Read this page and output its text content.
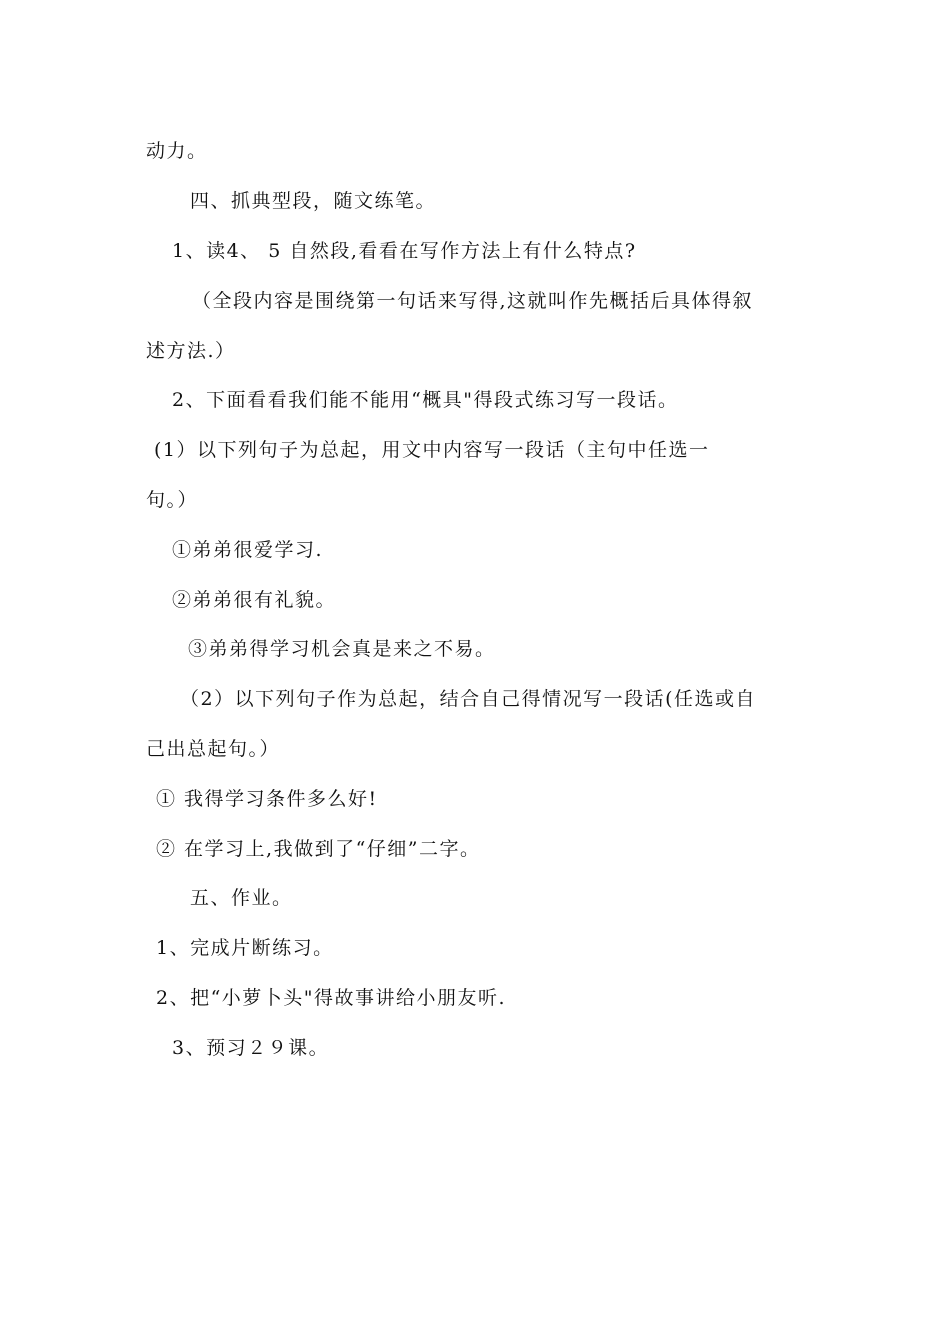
动力。
四、抓典型段，随文练笔。
1、读4、 5 自然段,看看在写作方法上有什么特点?
（全段内容是围绕第一句话来写得,这就叫作先概括后具体得叙
述方法.）
2、下面看看我们能不能用“概具"得段式练习写一段话。
(1）以下列句子为总起，用文中内容写一段话（主句中任选一
句。）
①弟弟很爱学习.
②弟弟很有礼貌。
③弟弟得学习机会真是来之不易。
（2）以下列句子作为总起，结合自己得情况写一段话(任选或自
己出总起句。）
① 我得学习条件多么好!
② 在学习上,我做到了“仔细”二字。
五、作业。
1、完成片断练习。
2、把“小萝卜头"得故事讲给小朋友听.
3、预习２９课。
